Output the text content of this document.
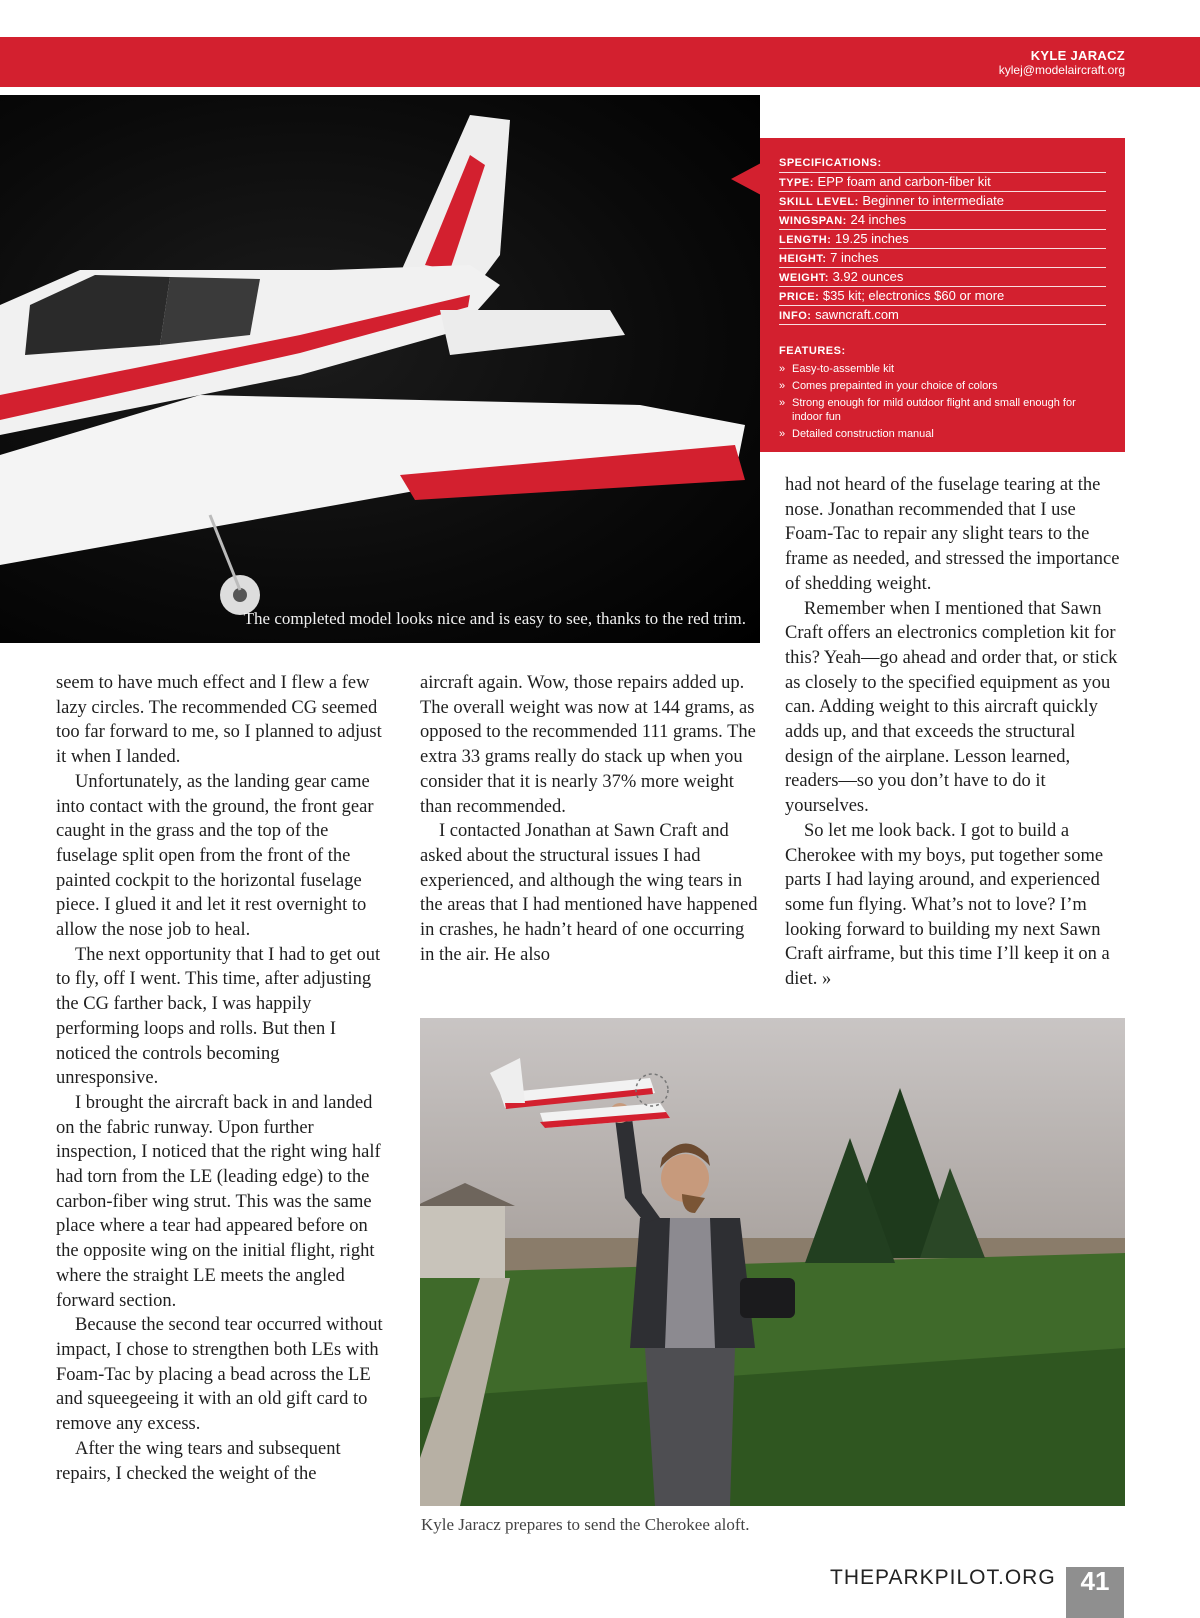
KYLE JARACZ
kylej@modelaircraft.org
The completed model looks nice and is easy to see, thanks to the red trim.
SPECIFICATIONS:
TYPE: EPP foam and carbon-fiber kit
SKILL LEVEL: Beginner to intermediate
WINGSPAN: 24 inches
LENGTH: 19.25 inches
HEIGHT: 7 inches
WEIGHT: 3.92 ounces
PRICE: $35 kit; electronics $60 or more
INFO: sawncraft.com
FEATURES:
» Easy-to-assemble kit
» Comes prepainted in your choice of colors
» Strong enough for mild outdoor flight and small enough for indoor fun
» Detailed construction manual

seem to have much effect and I flew a few lazy circles. The recommended CG seemed too far forward to me, so I planned to adjust it when I landed.

Unfortunately, as the landing gear came into contact with the ground, the front gear caught in the grass and the top of the fuselage split open from the front of the painted cockpit to the horizontal fuselage piece. I glued it and let it rest overnight to allow the nose job to heal.

The next opportunity that I had to get out to fly, off I went. This time, after adjusting the CG farther back, I was happily performing loops and rolls. But then I noticed the controls becoming unresponsive.

I brought the aircraft back in and landed on the fabric runway. Upon further inspection, I noticed that the right wing half had torn from the LE (leading edge) to the carbon-fiber wing strut. This was the same place where a tear had appeared before on the opposite wing on the initial flight, right where the straight LE meets the angled forward section.

Because the second tear occurred without impact, I chose to strengthen both LEs with Foam-Tac by placing a bead across the LE and squeegeeing it with an old gift card to remove any excess.

After the wing tears and subsequent repairs, I checked the weight of the

aircraft again. Wow, those repairs added up. The overall weight was now at 144 grams, as opposed to the recommended 111 grams. The extra 33 grams really do stack up when you consider that it is nearly 37% more weight than recommended.

I contacted Jonathan at Sawn Craft and asked about the structural issues I had experienced, and although the wing tears in the areas that I had mentioned have happened in crashes, he hadn’t heard of one occurring in the air. He also

had not heard of the fuselage tearing at the nose. Jonathan recommended that I use Foam-Tac to repair any slight tears to the frame as needed, and stressed the importance of shedding weight.

Remember when I mentioned that Sawn Craft offers an electronics completion kit for this? Yeah—go ahead and order that, or stick as closely to the specified equipment as you can. Adding weight to this aircraft quickly adds up, and that exceeds the structural design of the airplane. Lesson learned, readers—so you don’t have to do it yourselves.

So let me look back. I got to build a Cherokee with my boys, put together some parts I had laying around, and experienced some fun flying. What’s not to love? I’m looking forward to building my next Sawn Craft airframe, but this time I’ll keep it on a diet. »

Kyle Jaracz prepares to send the Cherokee aloft.
THEPARKPILOT.ORG 41
